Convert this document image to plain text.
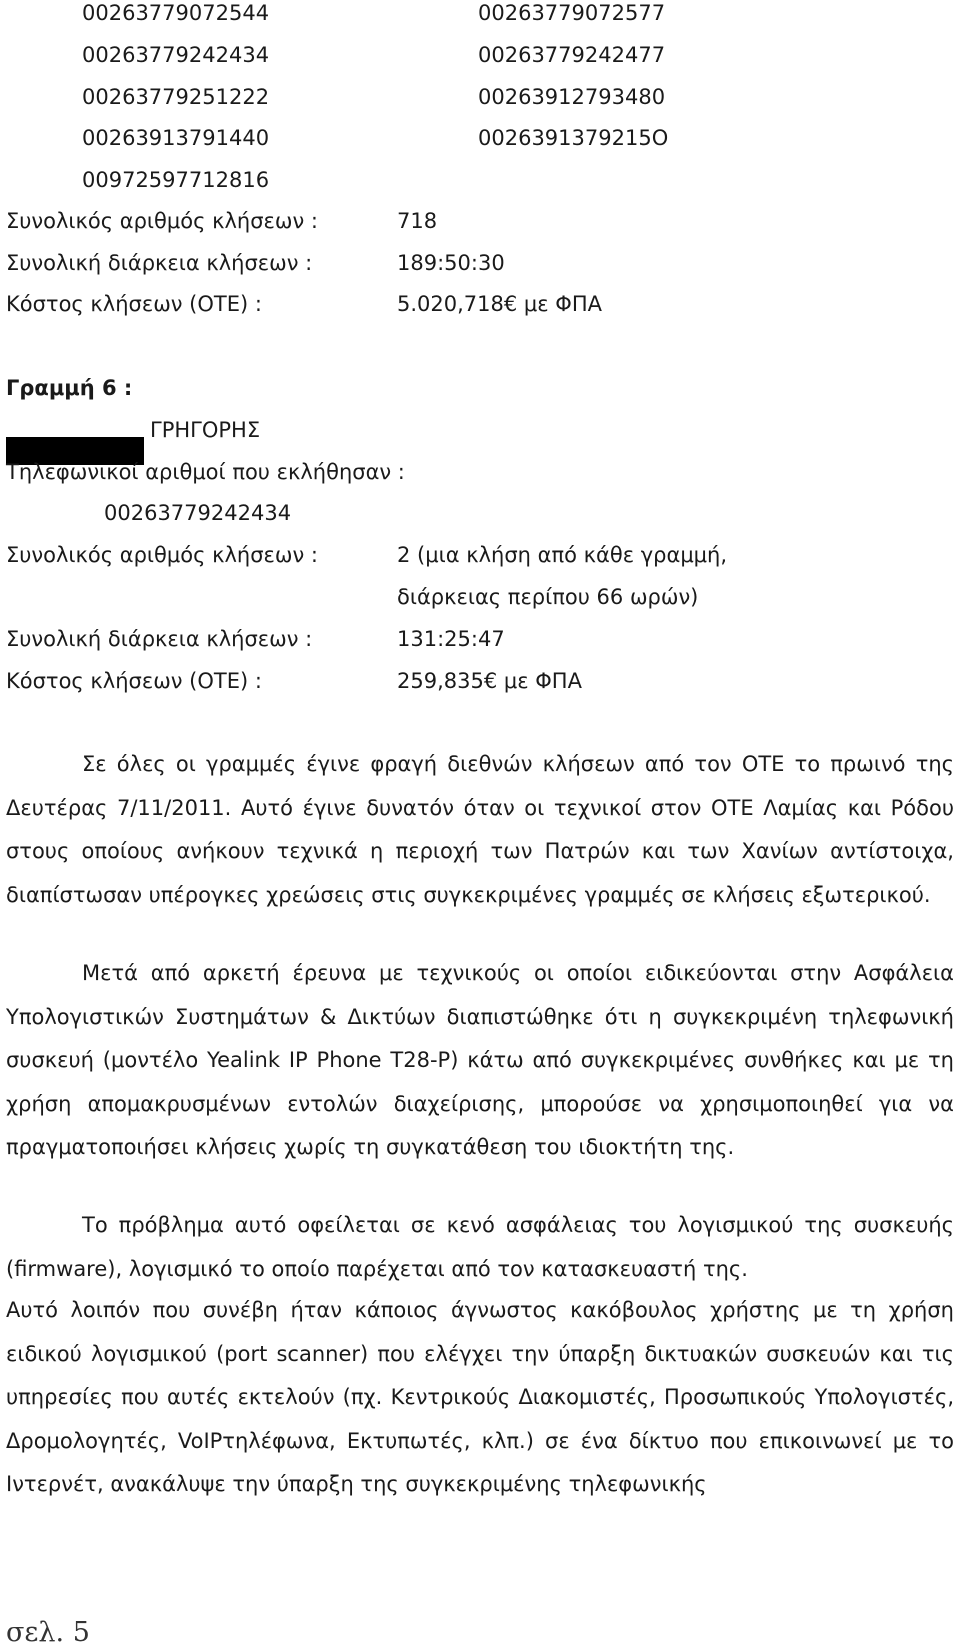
00263779072544	00263779072577
00263779242434	00263779242477
00263779251222	00263912793480
00263913791440	0026391379215О
00972597712816
Συνολικός αριθμός κλήσεων :	718
Συνολική διάρκεια κλήσεων :	189:50:30
Κόστος κλήσεων (ΟΤΕ) :	5.020,718€ με ΦΠΑ
Γραμμή 6 :
ΓΡΗΓΟΡΗΣ
Τηλεφωνικοί αριθμοί που εκλήθησαν :
00263779242434
Συνολικός αριθμός κλήσεων :	2 (μια κλήση από κάθε γραμμή,
διάρκειας περίπου 66 ωρών)
Συνολική διάρκεια κλήσεων :	131:25:47
Κόστος κλήσεων (ΟΤΕ) :	259,835€ με ΦΠΑ
Σε όλες οι γραμμές έγινε φραγή διεθνών κλήσεων από τον ΟΤΕ το πρωινό της Δευτέρας 7/11/2011. Αυτό έγινε δυνατόν όταν οι τεχνικοί στον ΟΤΕ Λαμίας και Ρόδου στους οποίους ανήκουν τεχνικά η περιοχή των Πατρών και των Χανίων αντίστοιχα, διαπίστωσαν υπέρογκες χρεώσεις στις συγκεκριμένες γραμμές σε κλήσεις εξωτερικού.
Μετά από αρκετή έρευνα με τεχνικούς οι οποίοι ειδικεύονται στην Ασφάλεια Υπολογιστικών Συστημάτων & Δικτύων διαπιστώθηκε ότι η συγκεκριμένη τηλεφωνική συσκευή (μοντέλο Yealink IP Phone T28-P) κάτω από συγκεκριμένες συνθήκες και με τη χρήση απομακρυσμένων εντολών διαχείρισης, μπορούσε να χρησιμοποιηθεί για να πραγματοποιήσει κλήσεις χωρίς τη συγκατάθεση του ιδιοκτήτη της.
Το πρόβλημα αυτό οφείλεται σε κενό ασφάλειας του λογισμικού της συσκευής (firmware), λογισμικό το οποίο παρέχεται από τον κατασκευαστή της.
Αυτό λοιπόν που συνέβη ήταν κάποιος άγνωστος κακόβουλος χρήστης με τη χρήση ειδικού λογισμικού (port scanner) που ελέγχει την ύπαρξη δικτυακών συσκευών και τις υπηρεσίες που αυτές εκτελούν (πχ. Κεντρικούς Διακομιστές, Προσωπικούς Υπολογιστές, Δρομολογητές, VoIPτηλέφωνα, Εκτυπωτές, κλπ.) σε ένα δίκτυο που επικοινωνεί με το Ιντερνέτ, ανακάλυψε την ύπαρξη της συγκεκριμένης τηλεφωνικής
σελ. 5
